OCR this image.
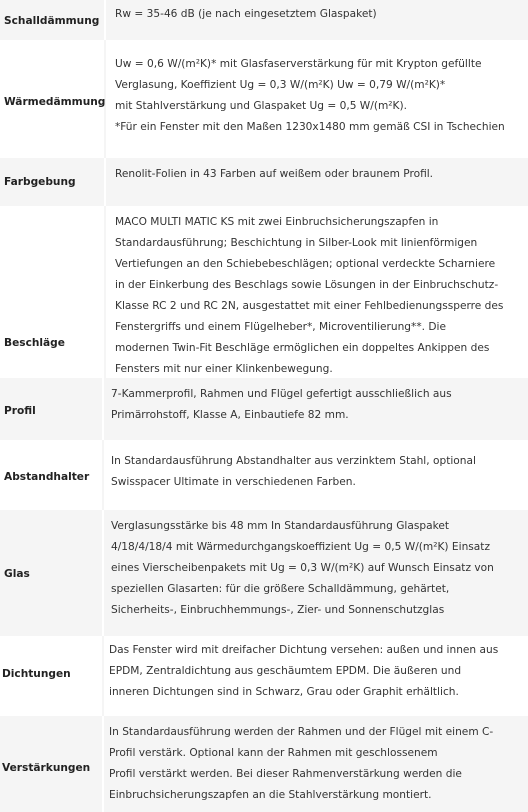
Schalldämmung

Rw = 35-46 dB (je nach eingesetztem Glaspaket)

Wärmedämmung

Uw = 0,6 W/(m²K)* mit Glasfaserverstärkung für mit Krypton gefüllte

Verglasung, Koeffizient Ug = 0,3 W/(m²K) Uw = 0,79 W/(m²K)*

mit Stahlverstärkung und Glaspaket Ug = 0,5 W/(m²K).

*Für ein Fenster mit den Maßen 1230x1480 mm gemäß CSI in Tschechien

Farbgebung

Renolit-Folien in 43 Farben auf weißem oder braunem Profil.

Beschläge

MACO MULTI MATIC KS mit zwei Einbruchsicherungszapfen in

Standardausführung; Beschichtung in Silber-Look mit linienförmigen

Vertiefungen an den Schiebebeschlägen; optional verdeckte Scharniere

in der Einkerbung des Beschlags sowie Lösungen in der Einbruchschutz-

Klasse RC 2 und RC 2N, ausgestattet mit einer Fehlbedienungssperre des

Fenstergriffs und einem Flügelheber*, Microventilierung**. Die

modernen Twin-Fit Beschläge ermöglichen ein doppeltes Ankippen des

Fensters mit nur einer Klinkenbewegung.

Profil

7-Kammerprofil, Rahmen und Flügel gefertigt ausschließlich aus

Primärrohstoff, Klasse A, Einbautiefe 82 mm.

Abstandhalter

In Standardausführung Abstandhalter aus verzinktem Stahl, optional

Swisspacer Ultimate in verschiedenen Farben.

Glas

Verglasungsstärke bis 48 mm In Standardausführung Glaspaket

4/18/4/18/4 mit Wärmedurchgangskoeffizient Ug = 0,5 W/(m²K) Einsatz

eines Vierscheibenpakets mit Ug = 0,3 W/(m²K) auf Wunsch Einsatz von

speziellen Glasarten: für die größere Schalldämmung, gehärtet,

Sicherheits-, Einbruchhemmungs-, Zier- und Sonnenschutzglas

Dichtungen

Das Fenster wird mit dreifacher Dichtung versehen: außen und innen aus

EPDM, Zentraldichtung aus geschäumtem EPDM. Die äußeren und

inneren Dichtungen sind in Schwarz, Grau oder Graphit erhältlich.

Verstärkungen

In Standardausführung werden der Rahmen und der Flügel mit einem C-

Profil verstärk. Optional kann der Rahmen mit geschlossenem

Profil verstärkt werden. Bei dieser Rahmenverstärkung werden die

Einbruchsicherungszapfen an die Stahlverstärkung montiert.
